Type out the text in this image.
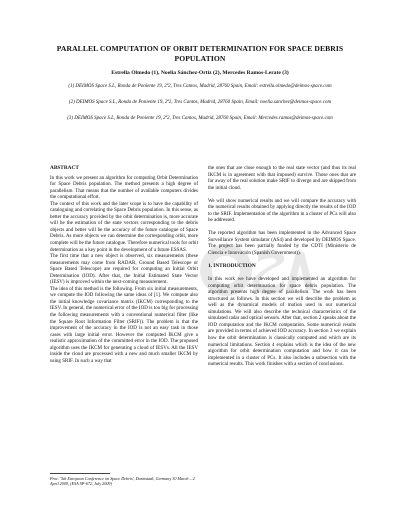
PARALLEL COMPUTATION OF ORBIT DETERMINATION FOR SPACE DEBRIS POPULATION
Estrella Olmedo (1), Noelia Sánchez-Ortiz (2), Mercedes Ramos-Lerate (3)
(1) DEIMOS Space S.L, Ronda de Poniente 19, 2ª2, Tres Cantos, Madrid, 28760 Spain, Email: estrella.olmedo@deimos-space.com
(2) DEIMOS Space S.L, Ronda de Poniente 19, 2ª2, Tres Cantos, Madrid, 28760 Spain, Email: noelia.sanchez@deimos-space.com
(3) DEIMOS Space S.L, Ronda de Poniente 19, 2ª2, Tres Cantos, Madrid, 28760 Spain, Email: Mercedes.ramos@deimos-space.com

ABSTRACT

In this work we present an algorithm for computing Orbit Determination for Space Debris population. The method presents a high degree of parallelism. That means that the number of available computers divides the computational effort.

The context of this work and the later scope is to have the capability of cataloguing and correlating the Space Debris population. In this sense, as better the accuracy provided by the orbit determination is, more accurate will be the estimation of the state vectors corresponding to the debris objects and better will be the accuracy of the future catalogue of Space Debris. As more objects we can determine the corresponding orbit, more complete will be the future catalogue. Therefore numerical tools for orbit determination as a key point in the development of a future ESSAS.

The first time that a new object is observed, six measurements (these measurements may come from RADAR, Ground Based Telescope or Space Based Telescope) are required for computing an Initial Orbit Determination (IOD). After that, the Initial Estimated State Vector (IESV) is improved within the next-coming measurement.

The idea of this method is the following. From six initial measurements, we compute the IOD following the same ideas of [1]. We compute also the initial knowledge covariance matrix (IKCM) corresponding to the IESV. In general, the numerical error of the IOD is too big for processing the following measurements with a conventional numerical filter (like the Square Root Information Filter (SRIF)). The problem is that the improvement of the accuracy in the IOD is not an easy task in those cases with large initial error. However the computed IKCM give a realistic approximation of the committed error in the IOD. The proposed algorithm uses the IKCM for generating a cloud of IESVs. All the IESV inside the cloud are processed with a new and much smaller IKCM by using SRIF. In such a way that

the ones that are close enough to the real state vector (and thus its real IKCM is in agreement with that imposed) survive. Those ones that are far away of the real solution make SRIF to diverge and are skipped from the initial cloud.

We will show numerical results and we will compare the accuracy with the numerical results obtained by applying directly the results of the IOD to the SRIF. Implementation of the algorithm in a cluster of PCs will also be addressed.

The reported algorithm has been implemented in the Advanced Space Surveillance System simulator (AS4) and developed by DEIMOS Space. The project has been partially funded by the CDTI (Ministerio de Ciencia e Innovación (Spanish Government)).

1. INTRODUCTION

In this work we have developed and implemented an algorithm for computing orbit determination for space debris population. The algorithm presents high degree of parallelism. The work has been structured as follows. In this section we will describe the problem as well as the dynamical models of motion used in our numerical simulations. We will also describe the technical characteristics of the simulated radar and optical sensors. After that, section 2 speaks about the IOD computation and the IKCM computation. Some numerical results are provided in terms of achieved IOD accuracy. In section 3 we explain how the orbit determination is classically computed and which are its numerical limitations. Section 4 explains which is the idea of the new algorithm for orbit determination computation and how it can be implemented in a cluster of PCs. It also includes a subsection with the numerical results. This work finishes with a section of conclusions.

Proc. '5th European Conference on Space Debris', Darmstadt, Germany 30 March – 2 April 2009, (ESA SP-672, July 2009)
